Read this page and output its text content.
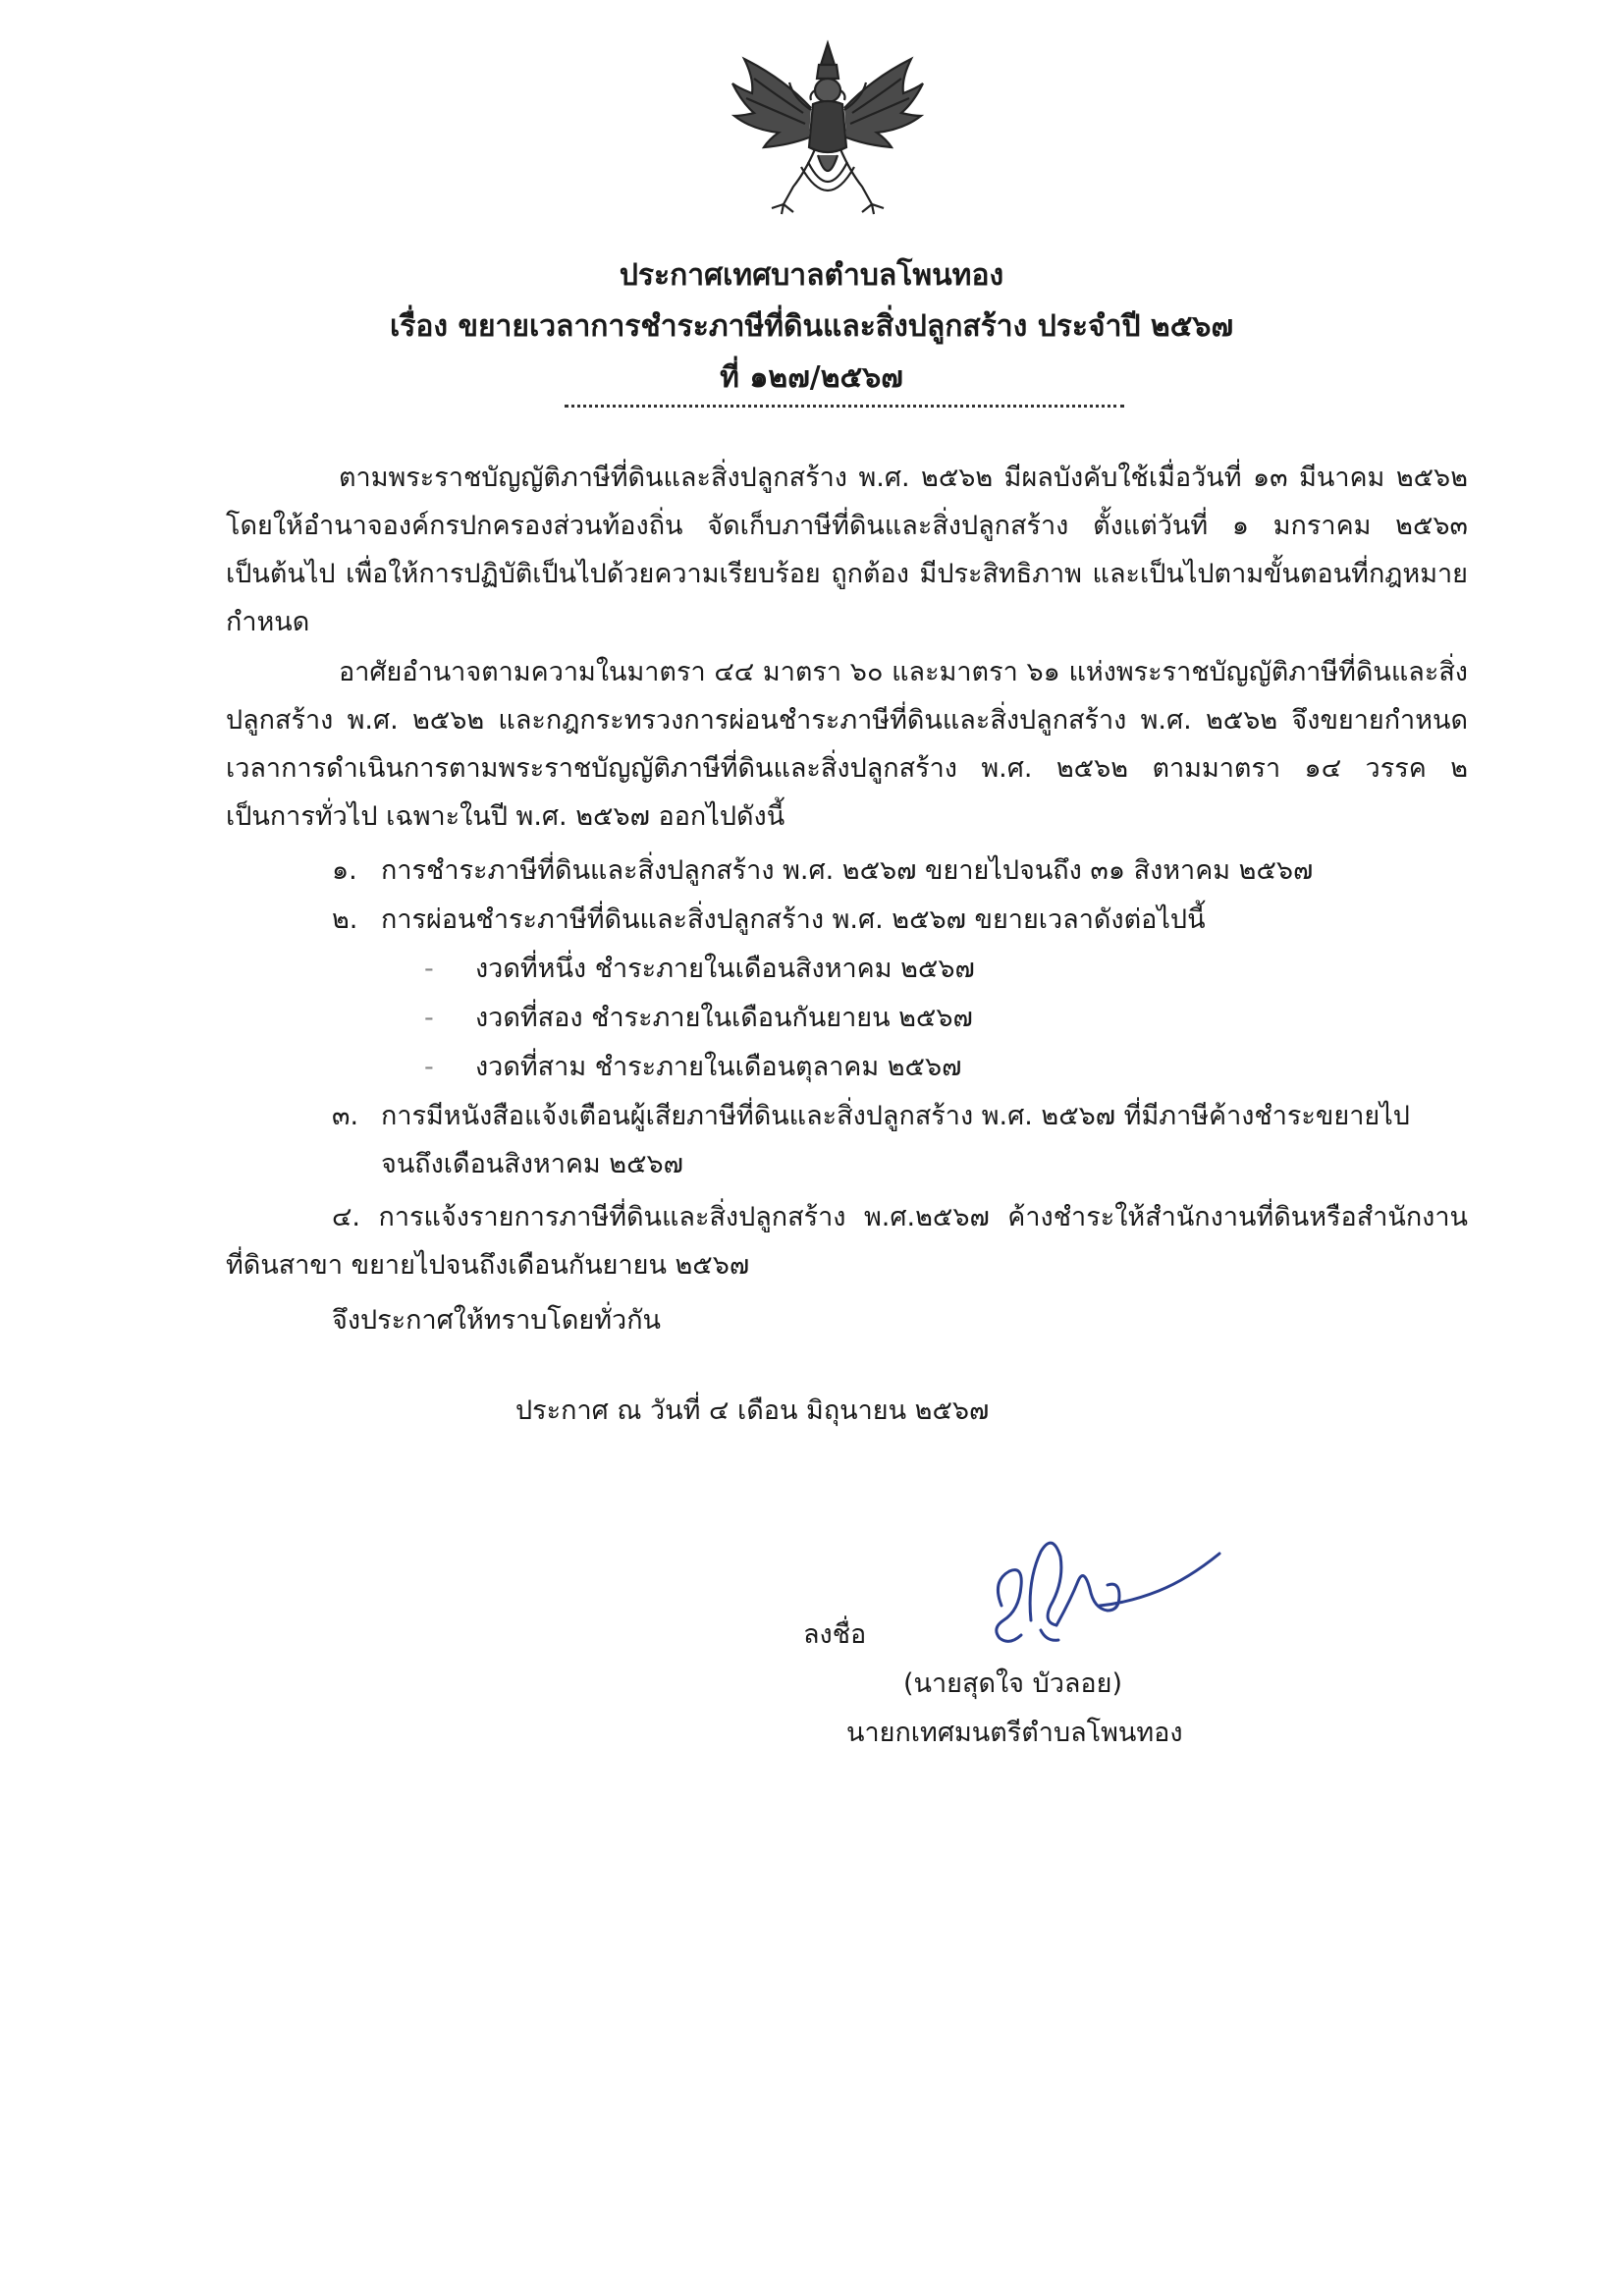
ประกาศเทศบาลตำบลโพนทอง
เรื่อง ขยายเวลาการชำระภาษีที่ดินและสิ่งปลูกสร้าง ประจำปี ๒๕๖๗
ที่ ๑๒๗/๒๕๖๗
ตามพระราชบัญญัติภาษีที่ดินและสิ่งปลูกสร้าง พ.ศ. ๒๕๖๒ มีผลบังคับใช้เมื่อวันที่ ๑๓ มีนาคม ๒๕๖๒ โดยให้อำนาจองค์กรปกครองส่วนท้องถิ่น จัดเก็บภาษีที่ดินและสิ่งปลูกสร้าง ตั้งแต่วันที่ ๑ มกราคม ๒๕๖๓ เป็นต้นไป เพื่อให้การปฏิบัติเป็นไปด้วยความเรียบร้อย ถูกต้อง มีประสิทธิภาพ และเป็นไปตามขั้นตอนที่กฎหมายกำหนด
อาศัยอำนาจตามความในมาตรา ๔๔ มาตรา ๖๐ และมาตรา ๖๑ แห่งพระราชบัญญัติภาษีที่ดินและสิ่งปลูกสร้าง พ.ศ. ๒๕๖๒ และกฎกระทรวงการผ่อนชำระภาษีที่ดินและสิ่งปลูกสร้าง พ.ศ. ๒๕๖๒ จึงขยายกำหนดเวลาการดำเนินการตามพระราชบัญญัติภาษีที่ดินและสิ่งปลูกสร้าง พ.ศ. ๒๕๖๒ ตามมาตรา ๑๔ วรรค ๒ เป็นการทั่วไป เฉพาะในปี พ.ศ. ๒๕๖๗ ออกไปดังนี้
๑. การชำระภาษีที่ดินและสิ่งปลูกสร้าง พ.ศ. ๒๕๖๗ ขยายไปจนถึง ๓๑ สิงหาคม ๒๕๖๗
๒. การผ่อนชำระภาษีที่ดินและสิ่งปลูกสร้าง พ.ศ. ๒๕๖๗ ขยายเวลาดังต่อไปนี้
- งวดที่หนึ่ง ชำระภายในเดือนสิงหาคม ๒๕๖๗
- งวดที่สอง ชำระภายในเดือนกันยายน ๒๕๖๗
- งวดที่สาม ชำระภายในเดือนตุลาคม ๒๕๖๗
๓. การมีหนังสือแจ้งเตือนผู้เสียภาษีที่ดินและสิ่งปลูกสร้าง พ.ศ. ๒๕๖๗ ที่มีภาษีค้างชำระขยายไป
จนถึงเดือนสิงหาคม ๒๕๖๗
๔. การแจ้งรายการภาษีที่ดินและสิ่งปลูกสร้าง พ.ศ.๒๕๖๗ ค้างชำระให้สำนักงานที่ดินหรือสำนักงานที่ดินสาขา ขยายไปจนถึงเดือนกันยายน ๒๕๖๗
จึงประกาศให้ทราบโดยทั่วกัน
ประกาศ ณ วันที่ ๔ เดือน มิถุนายน ๒๕๖๗
ลงชื่อ
(นายสุดใจ บัวลอย)
นายกเทศมนตรีตำบลโพนทอง
